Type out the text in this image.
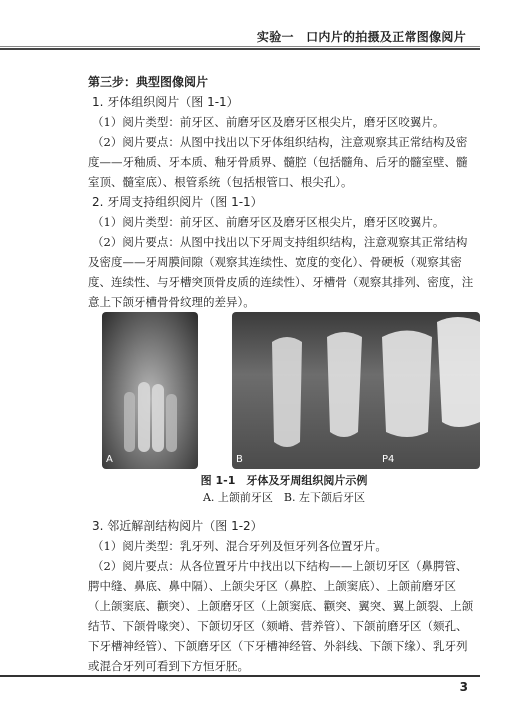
实验一　口内片的拍摄及正常图像阅片

第三步：典型图像阅片

1. 牙体组织阅片（图 1-1）

（1）阅片类型：前牙区、前磨牙区及磨牙区根尖片，磨牙区咬翼片。

（2）阅片要点：从图中找出以下牙体组织结构，注意观察其正常结构及密度——牙釉质、牙本质、釉牙骨质界、髓腔（包括髓角、后牙的髓室壁、髓室顶、髓室底）、根管系统（包括根管口、根尖孔）。

2. 牙周支持组织阅片（图 1-1）

（1）阅片类型：前牙区、前磨牙区及磨牙区根尖片，磨牙区咬翼片。

（2）阅片要点：从图中找出以下牙周支持组织结构，注意观察其正常结构及密度——牙周膜间隙（观察其连续性、宽度的变化）、骨硬板（观察其密度、连续性、与牙槽突顶骨皮质的连续性）、牙槽骨（观察其排列、密度，注意上下颌牙槽骨骨纹理的差异）。

A	B	P4
图 1-1　牙体及牙周组织阅片示例
A. 上颌前牙区　B. 左下颌后牙区

3. 邻近解剖结构阅片（图 1-2）

（1）阅片类型：乳牙列、混合牙列及恒牙列各位置牙片。

（2）阅片要点：从各位置牙片中找出以下结构——上颌切牙区（鼻腭管、腭中缝、鼻底、鼻中隔）、上颌尖牙区（鼻腔、上颌窦底）、上颌前磨牙区（上颌窦底、颧突）、上颌磨牙区（上颌窦底、颧突、翼突、翼上颌裂、上颌结节、下颌骨喙突）、下颌切牙区（颏嵴、营养管）、下颌前磨牙区（颏孔、下牙槽神经管）、下颌磨牙区（下牙槽神经管、外斜线、下颌下缘）、乳牙列或混合牙列可看到下方恒牙胚。

3
